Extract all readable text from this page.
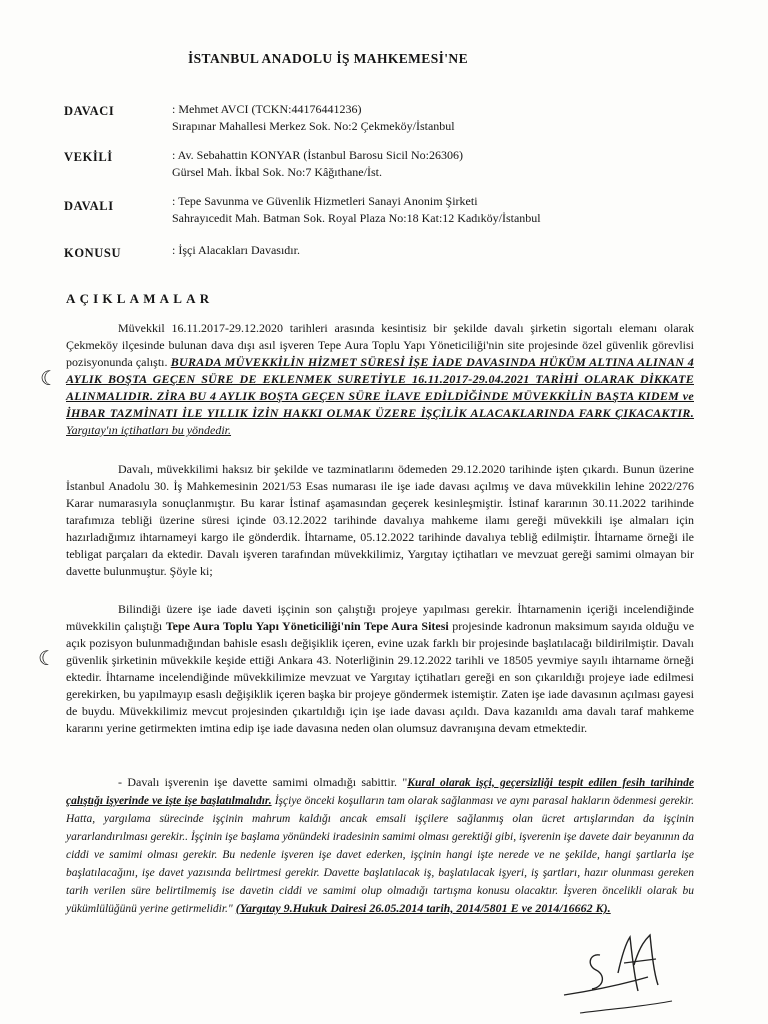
İSTANBUL ANADOLU İŞ MAHKEMESİ'NE
DAVACI	: Mehmet AVCI (TCKN:44176441236)
Sırapınar Mahallesi Merkez Sok. No:2 Çekmeköy/İstanbul
VEKİLİ	: Av. Sebahattin KONYAR (İstanbul Barosu Sicil No:26306)
Gürsel Mah. İkbal Sok. No:7 Kâğıthane/İst.
DAVALI	: Tepe Savunma ve Güvenlik Hizmetleri Sanayi Anonim Şirketi
Sahrayıcedit Mah. Batman Sok. Royal Plaza No:18 Kat:12 Kadıköy/İstanbul
KONUSU	: İşçi Alacakları Davasıdır.
AÇIKLAMALAR
Müvekkil 16.11.2017-29.12.2020 tarihleri arasında kesintisiz bir şekilde davalı şirketin sigortalı elemanı olarak Çekmeköy ilçesinde bulunan dava dışı asıl işveren Tepe Aura Toplu Yapı Yöneticiliği'nin site projesinde özel güvenlik görevlisi pozisyonunda çalıştı. BURADA MÜVEKKİLİN HİZMET SÜRESİ İŞE İADE DAVASINDA HÜKÜM ALTINA ALINAN 4 AYLIK BOŞTA GEÇEN SÜRE DE EKLENMEK SURETİYLE 16.11.2017-29.04.2021 TARİHİ OLARAK DİKKATE ALINMALIDIR. ZİRA BU 4 AYLIK BOŞTA GEÇEN SÜRE İLAVE EDİLDİĞİNDE MÜVEKKİLİN BAŞTA KIDEM ve İHBAR TAZMİNATI İLE YILLIK İZİN HAKKI OLMAK ÜZERE İŞÇİLİK ALACAKLARINDA FARK ÇIKACAKTIR. Yargıtay'ın içtihatları bu yöndedir.
Davalı, müvekkilimi haksız bir şekilde ve tazminatlarını ödemeden 29.12.2020 tarihinde işten çıkardı. Bunun üzerine İstanbul Anadolu 30. İş Mahkemesinin 2021/53 Esas numarası ile işe iade davası açılmış ve dava müvekkilin lehine 2022/276 Karar numarasıyla sonuçlanmıştır. Bu karar İstinaf aşamasından geçerek kesinleşmiştir. İstinaf kararının 30.11.2022 tarihinde tarafımıza tebliği üzerine süresi içinde 03.12.2022 tarihinde davalıya mahkeme ilamı gereği müvekkili işe almaları için hazırladığımız ihtarnameyi kargo ile gönderdik. İhtarname, 05.12.2022 tarihinde davalıya tebliğ edilmiştir. İhtarname örneği ile tebligat parçaları da ektedir. Davalı işveren tarafından müvekkilimiz, Yargıtay içtihatları ve mevzuat gereği samimi olmayan bir davette bulunmuştur. Şöyle ki;
Bilindiği üzere işe iade daveti işçinin son çalıştığı projeye yapılması gerekir. İhtarnamenin içeriği incelendiğinde müvekkilin çalıştığı Tepe Aura Toplu Yapı Yöneticiliği'nin Tepe Aura Sitesi projesinde kadronun maksimum sayıda olduğu ve açık pozisyon bulunmadığından bahisle esaslı değişiklik içeren, evine uzak farklı bir projesinde başlatılacağı bildirilmiştir. Davalı güvenlik şirketinin müvekkile keşide ettiği Ankara 43. Noterliğinin 29.12.2022 tarihli ve 18505 yevmiye sayılı ihtarname örneği ektedir. İhtarname incelendiğinde müvekkilimize mevzuat ve Yargıtay içtihatları gereği en son çıkarıldığı projeye iade edilmesi gerekirken, bu yapılmayıp esaslı değişiklik içeren başka bir projeye göndermek istemiştir. Zaten işe iade davasının açılması gayesi de buydu. Müvekkilimiz mevcut projesinden çıkartıldığı için işe iade davası açıldı. Dava kazanıldı ama davalı taraf mahkeme kararını yerine getirmekten imtina edip işe iade davasına neden olan olumsuz davranışına devam etmektedir.
- Davalı işverenin işe davette samimi olmadığı sabittir. "Kural olarak işçi, geçersizliği tespit edilen fesih tarihinde çalıştığı işyerinde ve işte işe başlatılmalıdır. İşçiye önceki koşulların tam olarak sağlanması ve aynı parasal hakların ödenmesi gerekir. Hatta, yargılama sürecinde işçinin mahrum kaldığı ancak emsali işçilere sağlanmış olan ücret artışlarından da işçinin yararlandırılması gerekir.. İşçinin işe başlama yönündeki iradesinin samimi olması gerektiği gibi, işverenin işe davete dair beyanının da ciddi ve samimi olması gerekir. Bu nedenle işveren işe davet ederken, işçinin hangi işte nerede ve ne şekilde, hangi şartlarla işe başlatılacağını, işe davet yazısında belirtmesi gerekir. Davette başlatılacak iş, başlatılacak işyeri, iş şartları, hazır olunması gereken tarih verilen süre belirtilmemiş ise davetin ciddi ve samimi olup olmadığı tartışma konusu olacaktır. İşveren öncelikli olarak bu yükümlülüğünü yerine getirmelidir." (Yargıtay 9.Hukuk Dairesi 26.05.2014 tarih, 2014/5801 E ve 2014/16662 K).
☾
☾
